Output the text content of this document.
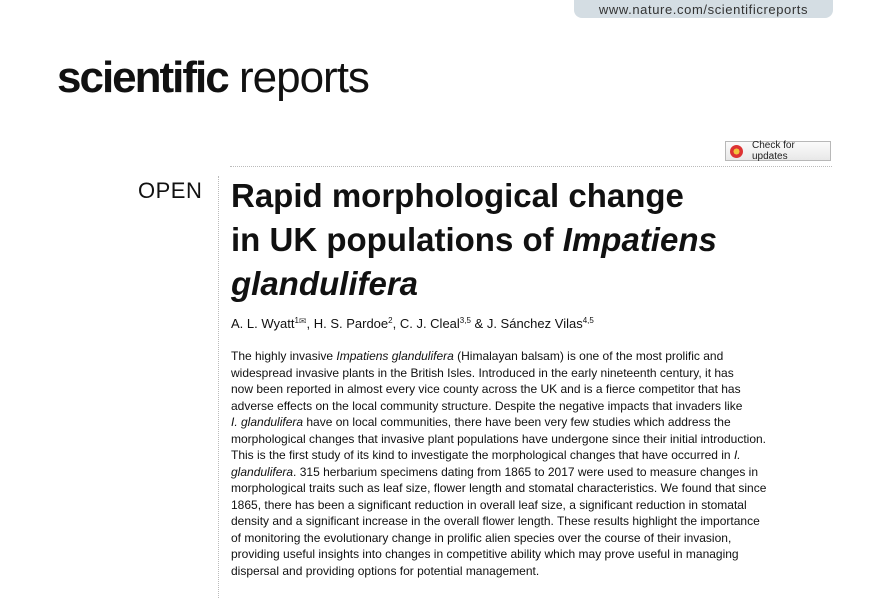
www.nature.com/scientificreports
scientific reports
Check for updates
OPEN Rapid morphological change
in UK populations of Impatiens
glandulifera
A. L. Wyatt$^{1✉}$, H. S. Pardoe$^2$, C. J. Cleal$^{3,5}$ & J. Sánchez Vilas$^{4,5}$

The highly invasive Impatiens glandulifera (Himalayan balsam) is one of the most prolific and
widespread invasive plants in the British Isles. Introduced in the early nineteenth century, it has
now been reported in almost every vice county across the UK and is a fierce competitor that has
adverse effects on the local community structure. Despite the negative impacts that invaders like
I. glandulifera have on local communities, there have been very few studies which address the
morphological changes that invasive plant populations have undergone since their initial introduction.
This is the first study of its kind to investigate the morphological changes that have occurred in I.
glandulifera. 315 herbarium specimens dating from 1865 to 2017 were used to measure changes in
morphological traits such as leaf size, flower length and stomatal characteristics. We found that since
1865, there has been a significant reduction in overall leaf size, a significant reduction in stomatal
density and a significant increase in the overall flower length. These results highlight the importance
of monitoring the evolutionary change in prolific alien species over the course of their invasion,
providing useful insights into changes in competitive ability which may prove useful in managing
dispersal and providing options for potential management.
